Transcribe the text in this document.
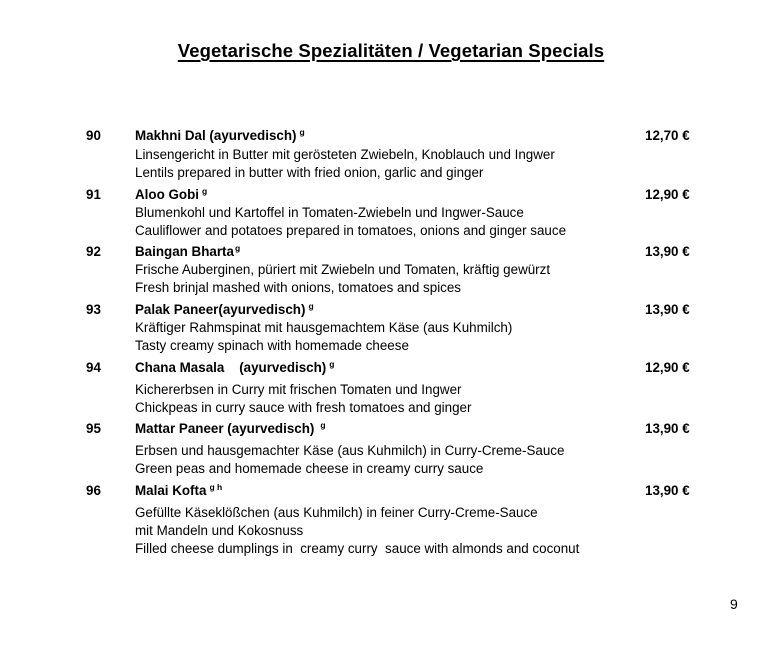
Vegetarische Spezialitäten / Vegetarian Specials
90	Makhni Dal (ayurvedisch) $^g$	12,70 €
Linsengericht in Butter mit gerösteten Zwiebeln, Knoblauch und Ingwer
Lentils prepared in butter with fried onion, garlic and ginger
91	Aloo Gobi $^g$	12,90 €
Blumenkohl und Kartoffel in Tomaten-Zwiebeln und Ingwer-Sauce
Cauliflower and potatoes prepared in tomatoes, onions and ginger sauce
92	Baingan Bharta$^g$	13,90 €
Frische Auberginen, püriert mit Zwiebeln und Tomaten, kräftig gewürzt
Fresh brinjal mashed with onions, tomatoes and spices
93	Palak Paneer(ayurvedisch) $^g$	13,90 €
Kräftiger Rahmspinat mit hausgemachtem Käse (aus Kuhmilch)
Tasty creamy spinach with homemade cheese
94	Chana Masala    (ayurvedisch) $^g$	12,90 €
Kichererbsen in Curry mit frischen Tomaten und Ingwer
Chickpeas in curry sauce with fresh tomatoes and ginger
95	Mattar Paneer (ayurvedisch) $^g$	13,90 €
Erbsen und hausgemachter Käse (aus Kuhmilch) in Curry-Creme-Sauce
Green peas and homemade cheese in creamy curry sauce
96	Malai Kofta $^{g h}$	13,90 €
Gefüllte Käseklößchen (aus Kuhmilch) in feiner Curry-Creme-Sauce
mit Mandeln und Kokosnuss
Filled cheese dumplings in  creamy curry  sauce with almonds and coconut
9
